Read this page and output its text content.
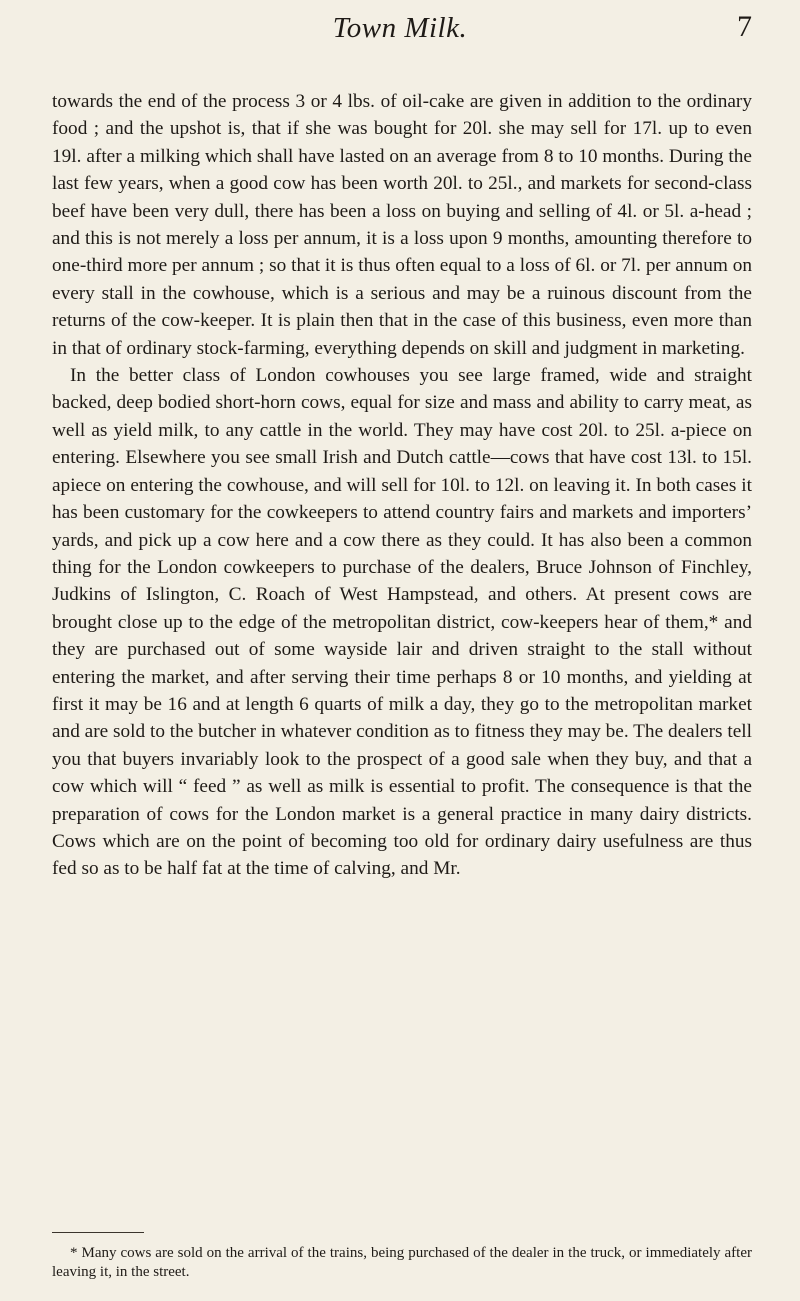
Town Milk.	7

towards the end of the process 3 or 4 lbs. of oil-cake are given in addition to the ordinary food ; and the upshot is, that if she was bought for 20l. she may sell for 17l. up to even 19l. after a milking which shall have lasted on an average from 8 to 10 months. During the last few years, when a good cow has been worth 20l. to 25l., and markets for second-class beef have been very dull, there has been a loss on buying and selling of 4l. or 5l. a-head ; and this is not merely a loss per annum, it is a loss upon 9 months, amounting therefore to one-third more per annum ; so that it is thus often equal to a loss of 6l. or 7l. per annum on every stall in the cowhouse, which is a serious and may be a ruinous discount from the returns of the cow-keeper. It is plain then that in the case of this business, even more than in that of ordinary stock-farming, everything depends on skill and judgment in marketing.

In the better class of London cowhouses you see large framed, wide and straight backed, deep bodied short-horn cows, equal for size and mass and ability to carry meat, as well as yield milk, to any cattle in the world. They may have cost 20l. to 25l. a-piece on entering. Elsewhere you see small Irish and Dutch cattle—cows that have cost 13l. to 15l. apiece on entering the cowhouse, and will sell for 10l. to 12l. on leaving it. In both cases it has been customary for the cowkeepers to attend country fairs and markets and importers’ yards, and pick up a cow here and a cow there as they could. It has also been a common thing for the London cowkeepers to purchase of the dealers, Bruce Johnson of Finchley, Judkins of Islington, C. Roach of West Hampstead, and others. At present cows are brought close up to the edge of the metropolitan district, cow-keepers hear of them,* and they are purchased out of some wayside lair and driven straight to the stall without entering the market, and after serving their time perhaps 8 or 10 months, and yielding at first it may be 16 and at length 6 quarts of milk a day, they go to the metropolitan market and are sold to the butcher in whatever condition as to fitness they may be. The dealers tell you that buyers invariably look to the prospect of a good sale when they buy, and that a cow which will “ feed ” as well as milk is essential to profit. The consequence is that the preparation of cows for the London market is a general practice in many dairy districts. Cows which are on the point of becoming too old for ordinary dairy usefulness are thus fed so as to be half fat at the time of calving, and Mr.

* Many cows are sold on the arrival of the trains, being purchased of the dealer in the truck, or immediately after leaving it, in the street.
